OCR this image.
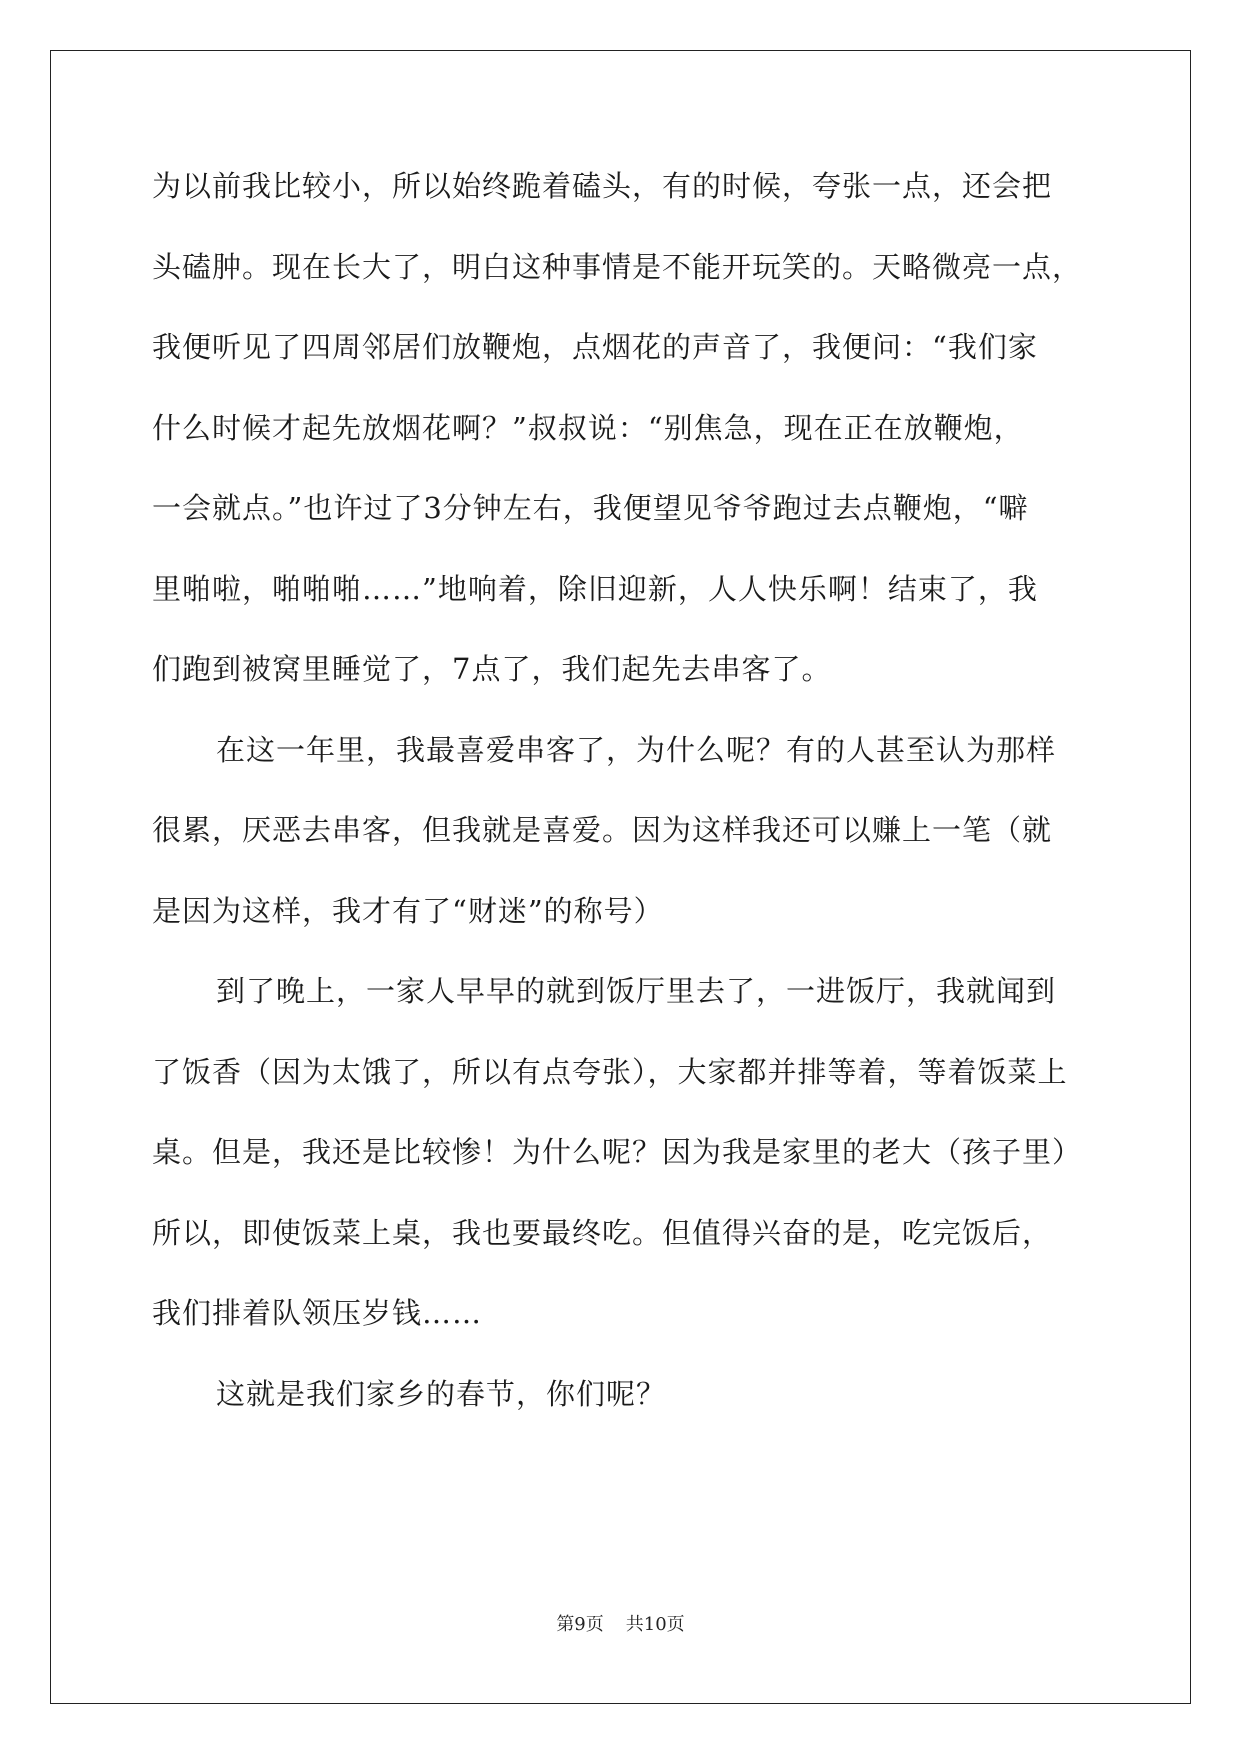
为以前我比较小，所以始终跪着磕头，有的时候，夸张一点，还会把
头磕肿。现在长大了，明白这种事情是不能开玩笑的。天略微亮一点，
我便听见了四周邻居们放鞭炮，点烟花的声音了，我便问：“我们家
什么时候才起先放烟花啊？”叔叔说：“别焦急，现在正在放鞭炮，
一会就点。”也许过了3分钟左右，我便望见爷爷跑过去点鞭炮，“噼
里啪啦，啪啪啪……”地响着，除旧迎新，人人快乐啊！结束了，我
们跑到被窝里睡觉了，7点了，我们起先去串客了。
在这一年里，我最喜爱串客了，为什么呢？有的人甚至认为那样
很累，厌恶去串客，但我就是喜爱。因为这样我还可以赚上一笔（就
是因为这样，我才有了“财迷”的称号）
到了晚上，一家人早早的就到饭厅里去了，一进饭厅，我就闻到
了饭香（因为太饿了，所以有点夸张），大家都并排等着，等着饭菜上
桌。但是，我还是比较惨！为什么呢？因为我是家里的老大（孩子里）
所以，即使饭菜上桌，我也要最终吃。但值得兴奋的是，吃完饭后，
我们排着队领压岁钱……
这就是我们家乡的春节，你们呢？
第9页 共10页
